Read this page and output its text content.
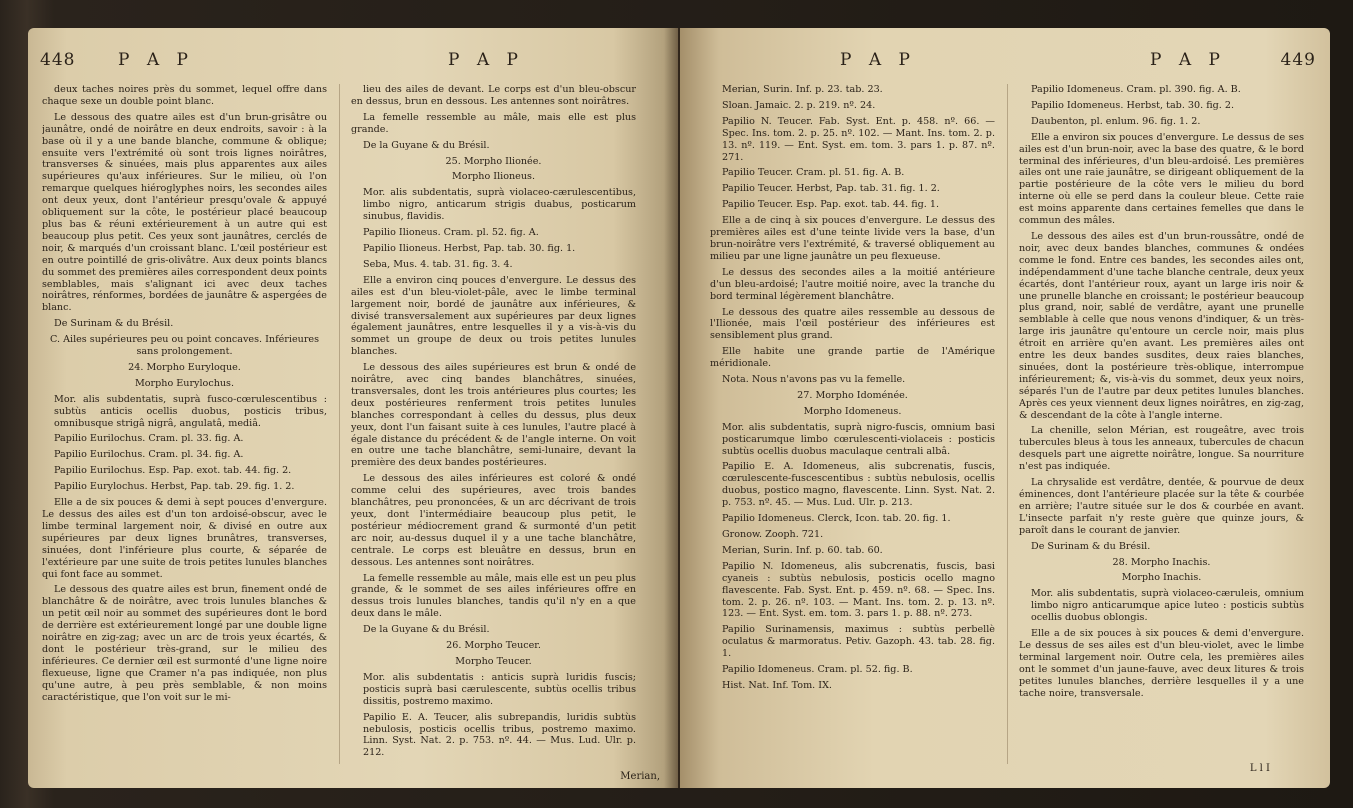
448	P A P	P A P

deux taches noires près du sommet, lequel offre dans chaque sexe un double point blanc.

Le dessous des quatre ailes est d'un brun-grisâtre ou jaunâtre, ondé de noirâtre en deux endroits, savoir : à la base où il y a une bande blanche, commune & oblique; ensuite vers l'extrémité où sont trois lignes noirâtres, transverses & sinuées, mais plus apparentes aux ailes supérieures qu'aux inférieures. Sur le milieu, où l'on remarque quelques hiéroglyphes noirs, les secondes ailes ont deux yeux, dont l'antérieur presqu'ovale & appuyé obliquement sur la côte, le postérieur placé beaucoup plus bas & réuni extérieurement à un autre qui est beaucoup plus petit. Ces yeux sont jaunâtres, cerclés de noir, & marqués d'un croissant blanc. L'œil postérieur est en outre pointillé de gris-olivâtre. Aux deux points blancs du sommet des premières ailes correspondent deux points semblables, mais s'alignant ici avec deux taches noirâtres, rénformes, bordées de jaunâtre & aspergées de blanc.

De Surinam & du Brésil.

C. Ailes supérieures peu ou point concaves. Inférieures sans prolongement.

24. Morpho Euryloque.

Morpho Eurylochus.

Mor. alis subdentatis, suprà fusco-cœrulescentibus : subtùs anticis ocellis duobus, posticis tribus, omnibusque strigâ nigrâ, angulatâ, mediâ.

Papilio Eurilochus. Cram. pl. 33. fig. A.

Papilio Eurilochus. Cram. pl. 34. fig. A.

Papilio Eurilochus. Esp. Pap. exot. tab. 44. fig. 2.

Papilio Eurylochus. Herbst, Pap. tab. 29. fig. 1. 2.

Elle a de six pouces & demi à sept pouces d'envergure. Le dessus des ailes est d'un ton ardoisé-obscur, avec le limbe terminal largement noir, & divisé en outre aux supérieures par deux lignes brunâtres, transverses, sinuées, dont l'inférieure plus courte, & séparée de l'extérieure par une suite de trois petites lunules blanches qui font face au sommet.

Le dessous des quatre ailes est brun, finement ondé de blanchâtre & de noirâtre, avec trois lunules blanches & un petit œil noir au sommet des supérieures dont le bord de derrière est extérieurement longé par une double ligne noirâtre en zig-zag; avec un arc de trois yeux écartés, & dont le postérieur très-grand, sur le milieu des inférieures. Ce dernier œil est surmonté d'une ligne noire flexueuse, ligne que Cramer n'a pas indiquée, non plus qu'une autre, à peu près semblable, & non moins caractéristique, que l'on voit sur le mi-

lieu des ailes de devant. Le corps est d'un bleu-obscur en dessus, brun en dessous. Les antennes sont noirâtres.

La femelle ressemble au mâle, mais elle est plus grande.

De la Guyane & du Brésil.

25. Morpho Ilionée.

Morpho Ilioneus.

Mor. alis subdentatis, suprà violaceo-cærulescentibus, limbo nigro, anticarum strigis duabus, posticarum sinubus, flavidis.

Papilio Ilioneus. Cram. pl. 52. fig. A.

Papilio Ilioneus. Herbst, Pap. tab. 30. fig. 1.

Seba, Mus. 4. tab. 31. fig. 3. 4.

Elle a environ cinq pouces d'envergure. Le dessus des ailes est d'un bleu-violet-pâle, avec le limbe terminal largement noir, bordé de jaunâtre aux inférieures, & divisé transversalement aux supérieures par deux lignes également jaunâtres, entre lesquelles il y a vis-à-vis du sommet un groupe de deux ou trois petites lunules blanches.

Le dessous des ailes supérieures est brun & ondé de noirâtre, avec cinq bandes blanchâtres, sinuées, transversales, dont les trois antérieures plus courtes; les deux postérieures renferment trois petites lunules blanches correspondant à celles du dessus, plus deux yeux, dont l'un faisant suite à ces lunules, l'autre placé à égale distance du précédent & de l'angle interne. On voit en outre une tache blanchâtre, semi-lunaire, devant la première des deux bandes postérieures.

Le dessous des ailes inférieures est coloré & ondé comme celui des supérieures, avec trois bandes blanchâtres, peu prononcées, & un arc décrivant de trois yeux, dont l'intermédiaire beaucoup plus petit, le postérieur médiocrement grand & surmonté d'un petit arc noir, au-dessus duquel il y a une tache blanchâtre, centrale. Le corps est bleuâtre en dessus, brun en dessous. Les antennes sont noirâtres.

La femelle ressemble au mâle, mais elle est un peu plus grande, & le sommet de ses ailes inférieures offre en dessus trois lunules blanches, tandis qu'il n'y en a que deux dans le mâle.

De la Guyane & du Brésil.

26. Morpho Teucer.

Morpho Teucer.

Mor. alis subdentatis : anticis suprà luridis fuscis; posticis suprà basi cærulescente, subtùs ocellis tribus dissitis, postremo maximo.

Papilio E. A. Teucer, alis subrepandis, luridis subtùs nebulosis, posticis ocellis tribus, postremo maximo. Linn. Syst. Nat. 2. p. 753. nº. 44. — Mus. Lud. Ulr. p. 212.

Merian,
P A P	P A P	449

Merian, Surin. Inf. p. 23. tab. 23.

Sloan. Jamaic. 2. p. 219. nº. 24.

Papilio N. Teucer. Fab. Syst. Ent. p. 458. nº. 66. — Spec. Ins. tom. 2. p. 25. nº. 102. — Mant. Ins. tom. 2. p. 13. nº. 119. — Ent. Syst. em. tom. 3. pars 1. p. 87. nº. 271.

Papilio Teucer. Cram. pl. 51. fig. A. B.

Papilio Teucer. Herbst, Pap. tab. 31. fig. 1. 2.

Papilio Teucer. Esp. Pap. exot. tab. 44. fig. 1.

Elle a de cinq à six pouces d'envergure. Le dessus des premières ailes est d'une teinte livide vers la base, d'un brun-noirâtre vers l'extrémité, & traversé obliquement au milieu par une ligne jaunâtre un peu flexueuse.

Le dessus des secondes ailes a la moitié antérieure d'un bleu-ardoisé; l'autre moitié noire, avec la tranche du bord terminal légèrement blanchâtre.

Le dessous des quatre ailes ressemble au dessous de l'Ilionée, mais l'œil postérieur des inférieures est sensiblement plus grand.

Elle habite une grande partie de l'Amérique méridionale.

Nota. Nous n'avons pas vu la femelle.

27. Morpho Idoménée.

Morpho Idomeneus.

Mor. alis subdentatis, suprà nigro-fuscis, omnium basi posticarumque limbo cœrulescenti-violaceis : posticis subtùs ocellis duobus maculaque centrali albâ.

Papilio E. A. Idomeneus, alis subcrenatis, fuscis, cœrulescente-fuscescentibus : subtùs nebulosis, ocellis duobus, postico magno, flavescente. Linn. Syst. Nat. 2. p. 753. nº. 45. — Mus. Lud. Ulr. p. 213.

Papilio Idomeneus. Clerck, Icon. tab. 20. fig. 1.

Gronow. Zooph. 721.

Merian, Surin. Inf. p. 60. tab. 60.

Papilio N. Idomeneus, alis subcrenatis, fuscis, basi cyaneis : subtùs nebulosis, posticis ocello magno flavescente. Fab. Syst. Ent. p. 459. nº. 68. — Spec. Ins. tom. 2. p. 26. nº. 103. — Mant. Ins. tom. 2. p. 13. nº. 123. — Ent. Syst. em. tom. 3. pars 1. p. 88. nº. 273.

Papilio Surinamensis, maximus : subtùs perbellè oculatus & marmoratus. Petiv. Gazoph. 43. tab. 28. fig. 1.

Papilio Idomeneus. Cram. pl. 52. fig. B.

Hist. Nat. Inf. Tom. IX.

Papilio Idomeneus. Cram. pl. 390. fig. A. B.

Papilio Idomeneus. Herbst, tab. 30. fig. 2.

Daubenton, pl. enlum. 96. fig. 1. 2.

Elle a environ six pouces d'envergure. Le dessus de ses ailes est d'un brun-noir, avec la base des quatre, & le bord terminal des inférieures, d'un bleu-ardoisé. Les premières ailes ont une raie jaunâtre, se dirigeant obliquement de la partie postérieure de la côte vers le milieu du bord interne où elle se perd dans la couleur bleue. Cette raie est moins apparente dans certaines femelles que dans le commun des mâles.

Le dessous des ailes est d'un brun-roussâtre, ondé de noir, avec deux bandes blanches, communes & ondées comme le fond. Entre ces bandes, les secondes ailes ont, indépendamment d'une tache blanche centrale, deux yeux écartés, dont l'antérieur roux, ayant un large iris noir & une prunelle blanche en croissant; le postérieur beaucoup plus grand, noir, sablé de verdâtre, ayant une prunelle semblable à celle que nous venons d'indiquer, & un très-large iris jaunâtre qu'entoure un cercle noir, mais plus étroit en arrière qu'en avant. Les premières ailes ont entre les deux bandes susdites, deux raies blanches, sinuées, dont la postérieure très-oblique, interrompue inférieurement; &, vis-à-vis du sommet, deux yeux noirs, séparés l'un de l'autre par deux petites lunules blanches. Après ces yeux viennent deux lignes noirâtres, en zig-zag, & descendant de la côte à l'angle interne.

La chenille, selon Mérian, est rougeâtre, avec trois tubercules bleus à tous les anneaux, tubercules de chacun desquels part une aigrette noirâtre, longue. Sa nourriture n'est pas indiquée.

La chrysalide est verdâtre, dentée, & pourvue de deux éminences, dont l'antérieure placée sur la tête & courbée en arrière; l'autre située sur le dos & courbée en avant. L'insecte parfait n'y reste guère que quinze jours, & paroît dans le courant de janvier.

De Surinam & du Brésil.

28. Morpho Inachis.

Morpho Inachis.

Mor. alis subdentatis, suprà violaceo-cæruleis, omnium limbo nigro anticarumque apice luteo : posticis subtùs ocellis duobus oblongis.

Elle a de six pouces à six pouces & demi d'envergure. Le dessus de ses ailes est d'un bleu-violet, avec le limbe terminal largement noir. Outre cela, les premières ailes ont le sommet d'un jaune-fauve, avec deux litures & trois petites lunules blanches, derrière lesquelles il y a une tache noire, transversale.

L l I
